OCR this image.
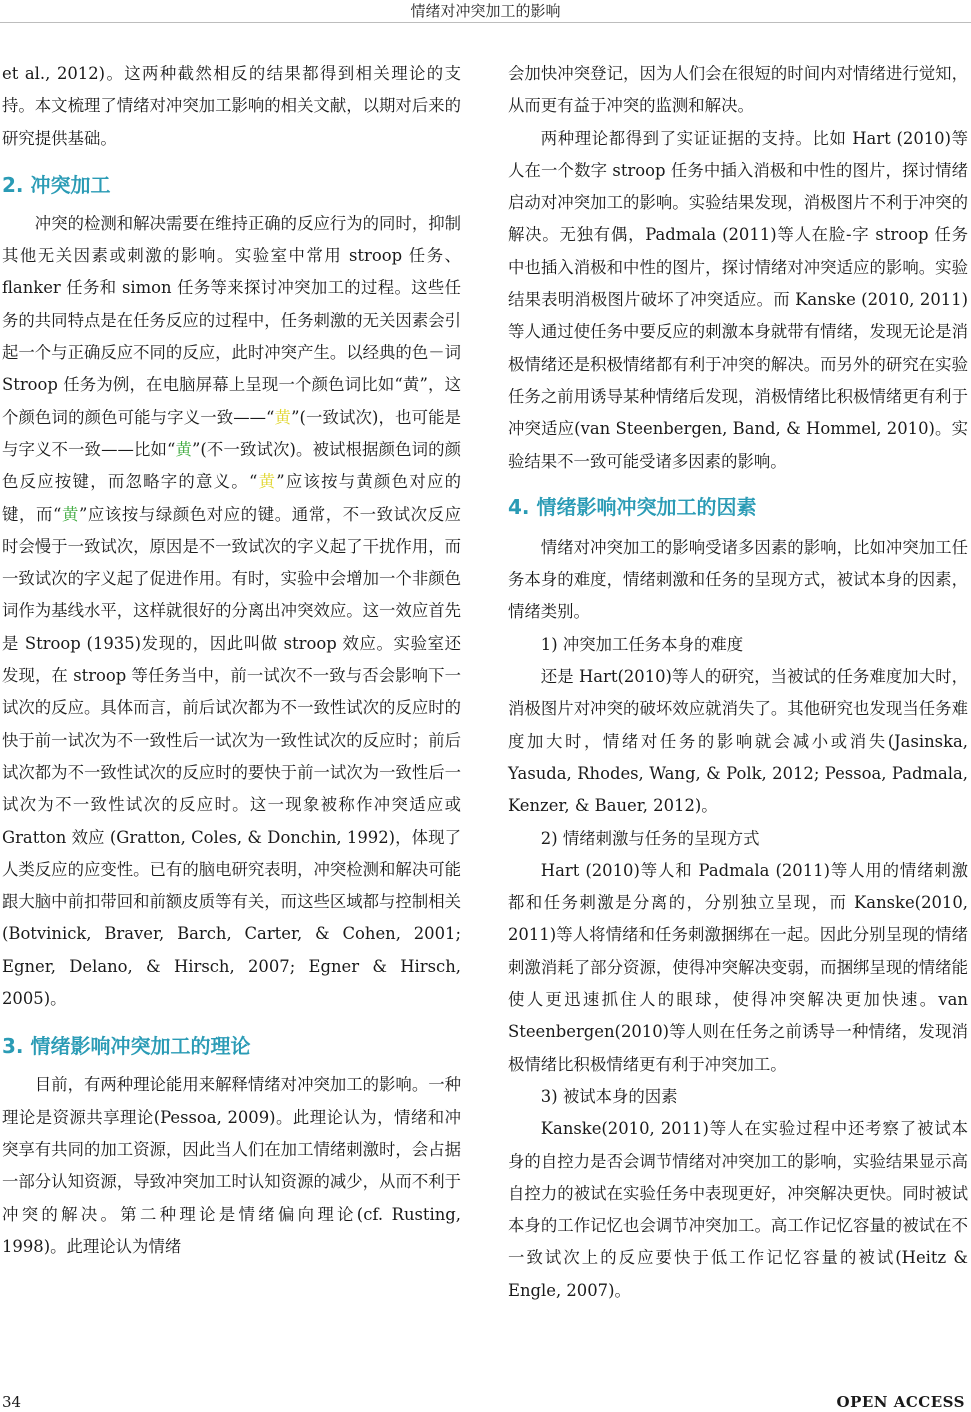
情绪对冲突加工的影响

et al., 2012)。这两种截然相反的结果都得到相关理论的支持。本文梳理了情绪对冲突加工影响的相关文献，以期对后来的研究提供基础。

2. 冲突加工

冲突的检测和解决需要在维持正确的反应行为的同时，抑制其他无关因素或刺激的影响。实验室中常用 stroop 任务、flanker 任务和 simon 任务等来探讨冲突加工的过程。这些任务的共同特点是在任务反应的过程中，任务刺激的无关因素会引起一个与正确反应不同的反应，此时冲突产生。以经典的色－词 Stroop 任务为例，在电脑屏幕上呈现一个颜色词比如“黄”，这个颜色词的颜色可能与字义一致——“黄”(一致试次)，也可能是与字义不一致——比如“黄”(不一致试次)。被试根据颜色词的颜色反应按键，而忽略字的意义。“黄”应该按与黄颜色对应的键，而“黄”应该按与绿颜色对应的键。通常，不一致试次反应时会慢于一致试次，原因是不一致试次的字义起了干扰作用，而一致试次的字义起了促进作用。有时，实验中会增加一个非颜色词作为基线水平，这样就很好的分离出冲突效应。这一效应首先是 Stroop (1935)发现的，因此叫做 stroop 效应。实验室还发现，在 stroop 等任务当中，前一试次不一致与否会影响下一试次的反应。具体而言，前后试次都为不一致性试次的反应时的快于前一试次为不一致性后一试次为一致性试次的反应时；前后试次都为不一致性试次的反应时的要快于前一试次为一致性后一试次为不一致性试次的反应时。这一现象被称作冲突适应或 Gratton 效应 (Gratton, Coles, & Donchin, 1992)，体现了人类反应的应变性。已有的脑电研究表明，冲突检测和解决可能跟大脑中前扣带回和前额皮质等有关，而这些区域都与控制相关(Botvinick, Braver, Barch, Carter, & Cohen, 2001; Egner, Delano, & Hirsch, 2007; Egner & Hirsch, 2005)。

3. 情绪影响冲突加工的理论

目前，有两种理论能用来解释情绪对冲突加工的影响。一种理论是资源共享理论(Pessoa, 2009)。此理论认为，情绪和冲突享有共同的加工资源，因此当人们在加工情绪刺激时，会占据一部分认知资源，导致冲突加工时认知资源的减少，从而不利于冲突的解决。第二种理论是情绪偏向理论(cf. Rusting, 1998)。此理论认为情绪

会加快冲突登记，因为人们会在很短的时间内对情绪进行觉知，从而更有益于冲突的监测和解决。

两种理论都得到了实证证据的支持。比如 Hart (2010)等人在一个数字 stroop 任务中插入消极和中性的图片，探讨情绪启动对冲突加工的影响。实验结果发现，消极图片不利于冲突的解决。无独有偶，Padmala (2011)等人在脸-字 stroop 任务中也插入消极和中性的图片，探讨情绪对冲突适应的影响。实验结果表明消极图片破坏了冲突适应。而 Kanske (2010, 2011)等人通过使任务中要反应的刺激本身就带有情绪，发现无论是消极情绪还是积极情绪都有利于冲突的解决。而另外的研究在实验任务之前用诱导某种情绪后发现，消极情绪比积极情绪更有利于冲突适应(van Steenbergen, Band, & Hommel, 2010)。实验结果不一致可能受诸多因素的影响。

4. 情绪影响冲突加工的因素

情绪对冲突加工的影响受诸多因素的影响，比如冲突加工任务本身的难度，情绪刺激和任务的呈现方式，被试本身的因素，情绪类别。

1) 冲突加工任务本身的难度

还是 Hart(2010)等人的研究，当被试的任务难度加大时，消极图片对冲突的破坏效应就消失了。其他研究也发现当任务难度加大时，情绪对任务的影响就会减小或消失(Jasinska, Yasuda, Rhodes, Wang, & Polk, 2012; Pessoa, Padmala, Kenzer, & Bauer, 2012)。

2) 情绪刺激与任务的呈现方式

Hart (2010)等人和 Padmala (2011)等人用的情绪刺激都和任务刺激是分离的，分别独立呈现，而 Kanske(2010, 2011)等人将情绪和任务刺激捆绑在一起。因此分别呈现的情绪刺激消耗了部分资源，使得冲突解决变弱，而捆绑呈现的情绪能使人更迅速抓住人的眼球，使得冲突解决更加快速。van Steenbergen(2010)等人则在任务之前诱导一种情绪，发现消极情绪比积极情绪更有利于冲突加工。

3) 被试本身的因素

Kanske(2010, 2011)等人在实验过程中还考察了被试本身的自控力是否会调节情绪对冲突加工的影响，实验结果显示高自控力的被试在实验任务中表现更好，冲突解决更快。同时被试本身的工作记忆也会调节冲突加工。高工作记忆容量的被试在不一致试次上的反应要快于低工作记忆容量的被试(Heitz & Engle, 2007)。

34	OPEN ACCESS
